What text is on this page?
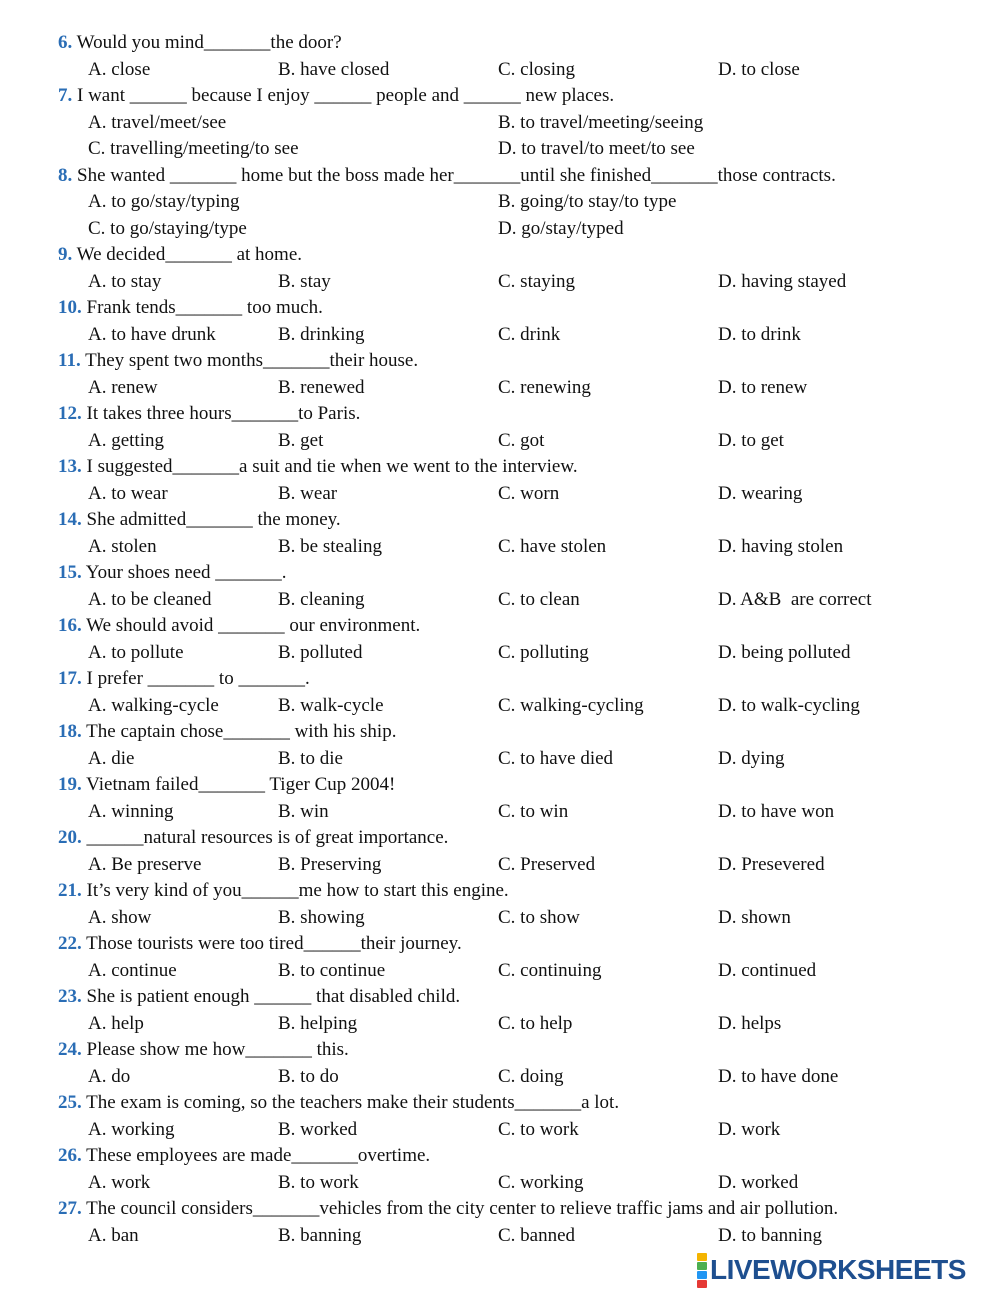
6. Would you mind_______the door?
A. close	B. have closed	C. closing	D. to close
7. I want ______ because I enjoy ______ people and ______ new places.
A. travel/meet/see	B. to travel/meeting/seeing
C. travelling/meeting/to see	D. to travel/to meet/to see
8. She wanted _______ home but the boss made her_______until she finished_______those contracts.
A. to go/stay/typing	B. going/to stay/to type
C. to go/staying/type	D. go/stay/typed
9. We decided_______ at home.
A. to stay	B. stay	C. staying	D. having stayed
10. Frank tends_______ too much.
A. to have drunk	B. drinking	C. drink	D. to drink
11. They spent two months_______their house.
A. renew	B. renewed	C. renewing	D. to renew
12. It takes three hours_______to Paris.
A. getting	B. get	C. got	D. to get
13. I suggested_______a suit and tie when we went to the interview.
A. to wear	B. wear	C. worn	D. wearing
14. She admitted_______ the money.
A. stolen	B. be stealing	C. have stolen	D. having stolen
15. Your shoes need _______.
A. to be cleaned	B. cleaning	C. to clean	D. A&B  are correct
16. We should avoid _______ our environment.
A. to pollute	B. polluted	C. polluting	D. being polluted
17. I prefer _______ to _______.
A. walking-cycle	B. walk-cycle	C. walking-cycling	D. to walk-cycling
18. The captain chose_______ with his ship.
A. die	B. to die	C. to have died	D. dying
19. Vietnam failed_______ Tiger Cup 2004!
A. winning	B. win	C. to win	D. to have won
20. ______natural resources is of great importance.
A. Be preserve	B. Preserving	C. Preserved	D. Presevered
21. It’s very kind of you______me how to start this engine.
A. show	B. showing	C. to show	D. shown
22. Those tourists were too tired______their journey.
A. continue	B. to continue	C. continuing	D. continued
23. She is patient enough ______ that disabled child.
A. help	B. helping	C. to help	D. helps
24. Please show me how_______ this.
A. do	B. to do	C. doing	D. to have done
25. The exam is coming, so the teachers make their students_______a lot.
A. working	B. worked	C. to work	D. work
26. These employees are made_______overtime.
A. work	B. to work	C. working	D. worked
27. The council considers_______vehicles from the city center to relieve traffic jams and air pollution.
A. ban	B. banning	C. banned	D. to banning
LIVEWORKSHEETS
